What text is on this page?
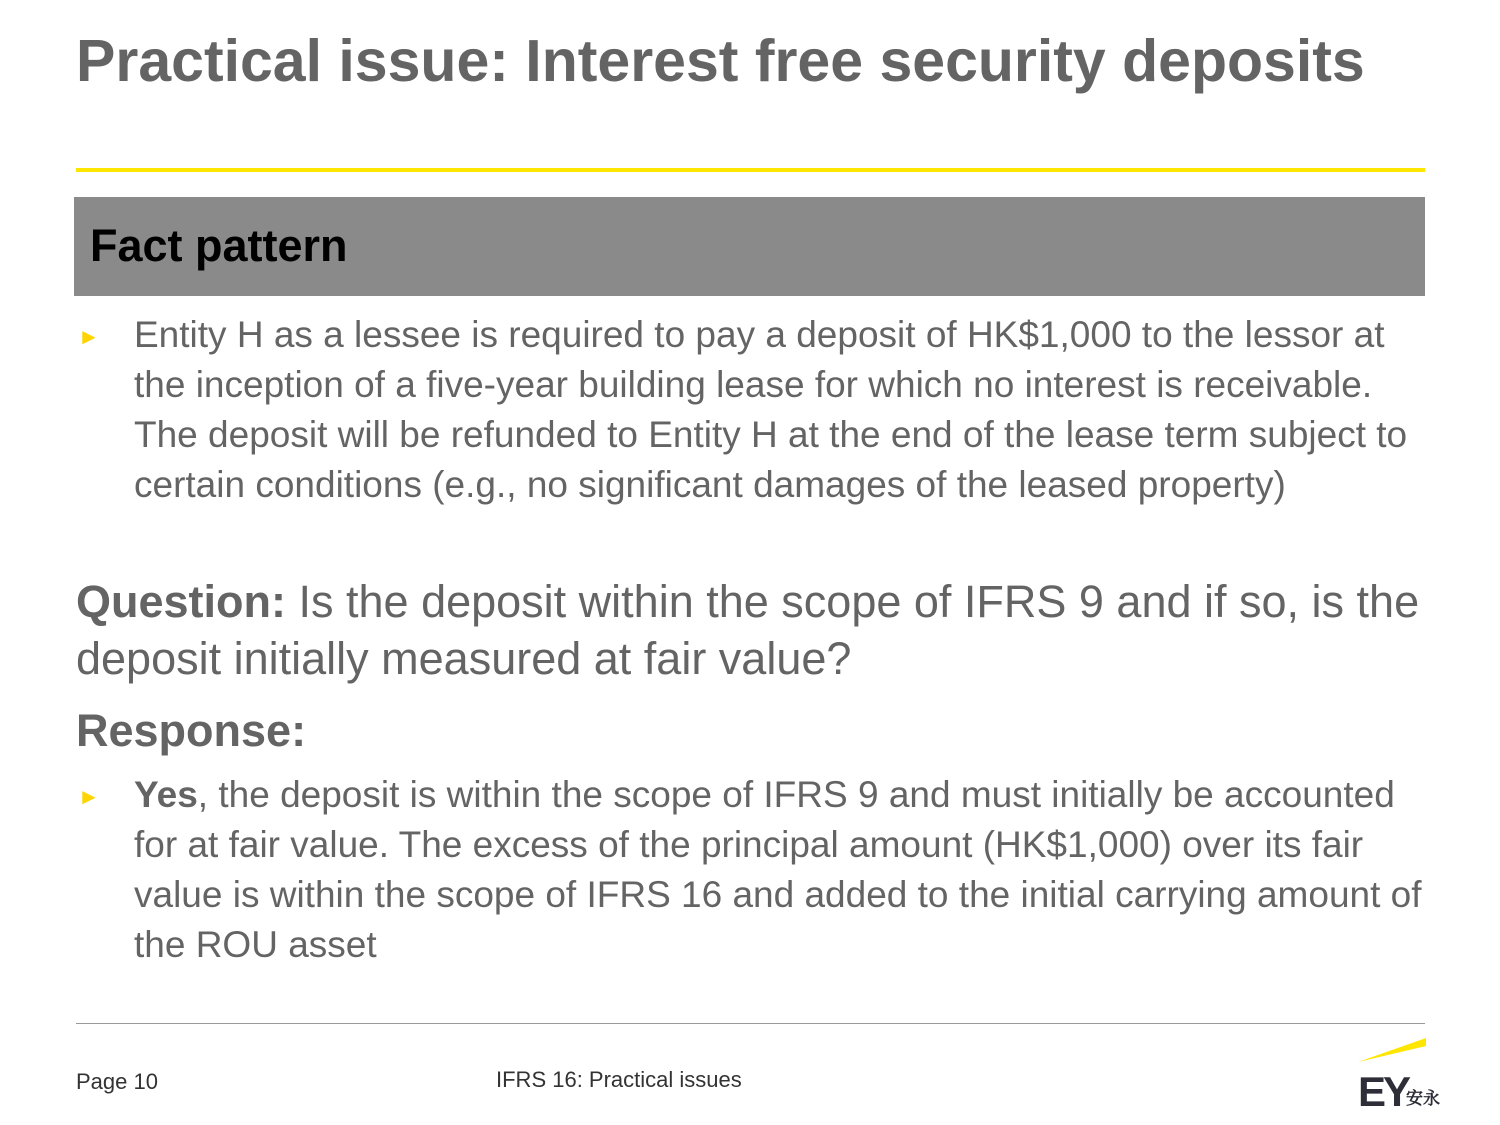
Practical issue: Interest free security deposits
Fact pattern
► Entity H as a lessee is required to pay a deposit of HK$1,000 to the lessor at the inception of a five-year building lease for which no interest is receivable. The deposit will be refunded to Entity H at the end of the lease term subject to certain conditions (e.g., no significant damages of the leased property)
Question: Is the deposit within the scope of IFRS 9 and if so, is the deposit initially measured at fair value?
Response:
► Yes, the deposit is within the scope of IFRS 9 and must initially be accounted for at fair value. The excess of the principal amount (HK$1,000) over its fair value is within the scope of IFRS 16 and added to the initial carrying amount of the ROU asset
Page 10	IFRS 16: Practical issues	EY
安永
